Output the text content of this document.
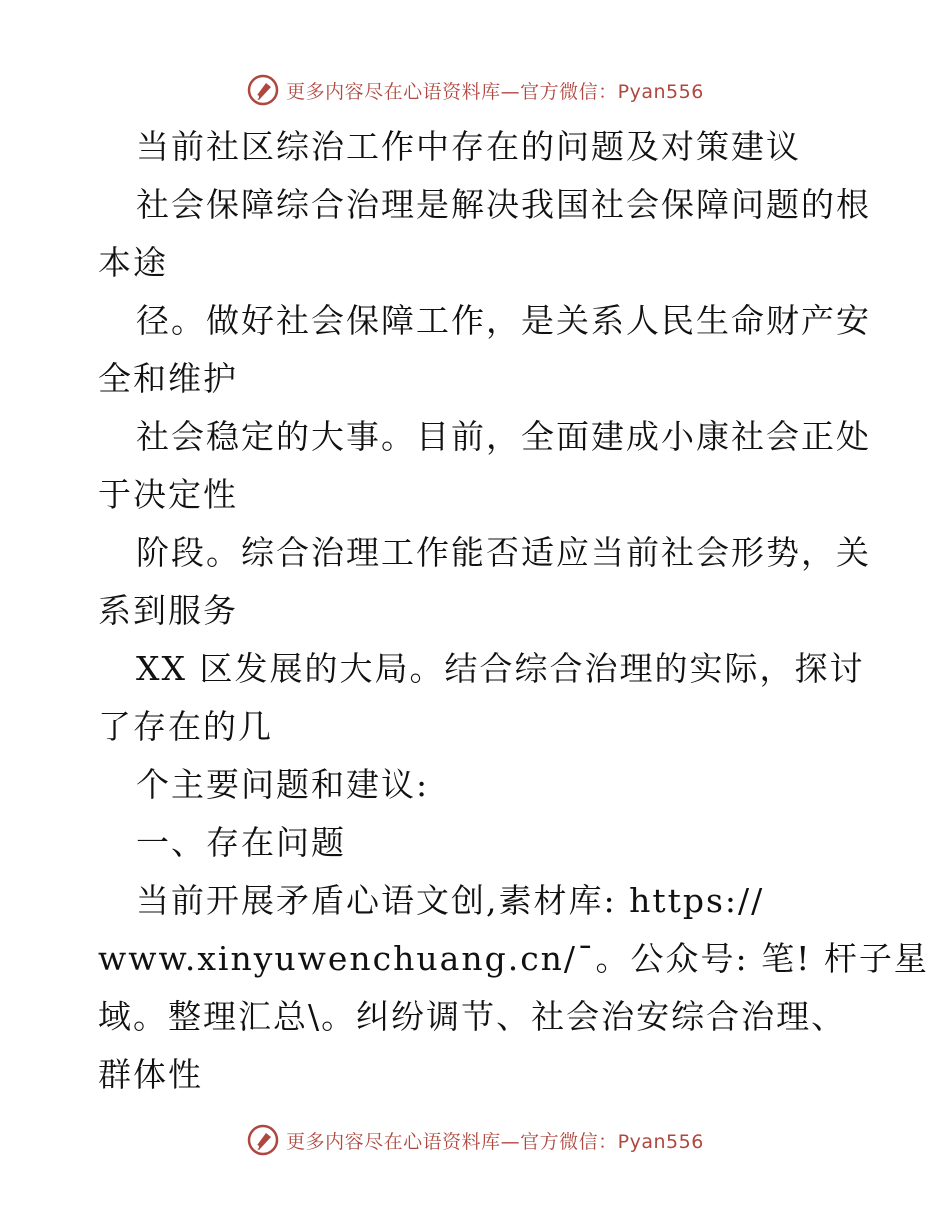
更多内容尽在心语资料库—官方微信：Pyan556
当前社区综治工作中存在的问题及对策建议
社会保障综合治理是解决我国社会保障问题的根
本途
径。做好社会保障工作，是关系人民生命财产安
全和维护
社会稳定的大事。目前，全面建成小康社会正处
于决定性
阶段。综合治理工作能否适应当前社会形势，关
系到服务
XX 区发展的大局。结合综合治理的实际，探讨
了存在的几
个主要问题和建议:
一、存在问题
当前开展矛盾心语文创,素材库: https://
www.xinyuwenchuang.cn/¯。公众号: 笔! 杆子星
域。整理汇总\。纠纷调节、社会治安综合治理、
群体性
更多内容尽在心语资料库—官方微信：Pyan556
